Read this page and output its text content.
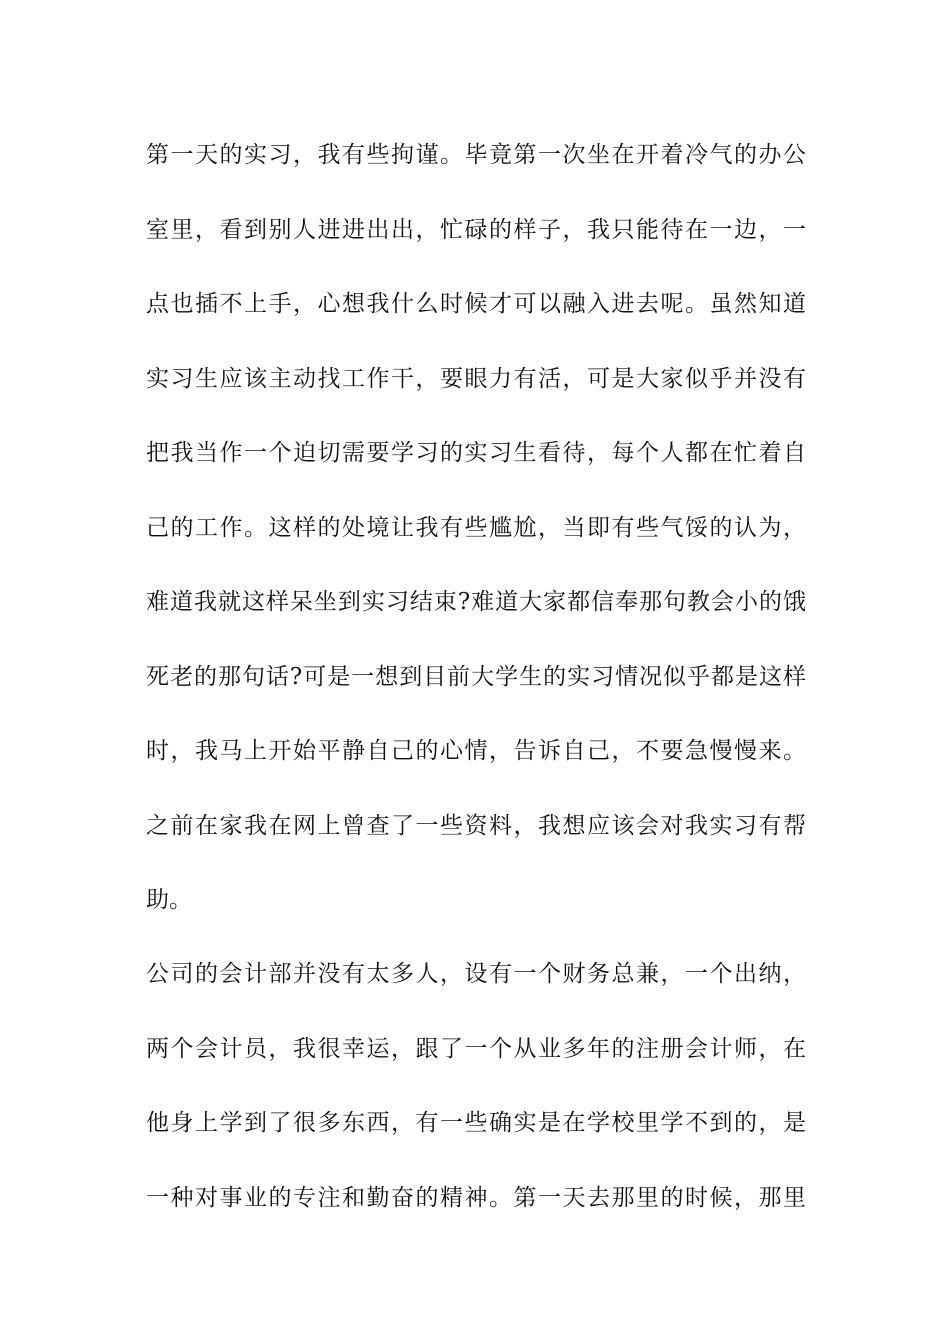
第一天的实习，我有些拘谨。毕竟第一次坐在开着冷气的办公
室里，看到别人进进出出，忙碌的样子，我只能待在一边，一
点也插不上手，心想我什么时候才可以融入进去呢。虽然知道
实习生应该主动找工作干，要眼力有活，可是大家似乎并没有
把我当作一个迫切需要学习的实习生看待，每个人都在忙着自
己的工作。这样的处境让我有些尴尬，当即有些气馁的认为，
难道我就这样呆坐到实习结束?难道大家都信奉那句教会小的饿
死老的那句话?可是一想到目前大学生的实习情况似乎都是这样
时，我马上开始平静自己的心情，告诉自己，不要急慢慢来。
之前在家我在网上曾查了一些资料，我想应该会对我实习有帮
助。
公司的会计部并没有太多人，设有一个财务总兼，一个出纳，
两个会计员，我很幸运，跟了一个从业多年的注册会计师，在
他身上学到了很多东西，有一些确实是在学校里学不到的，是
一种对事业的专注和勤奋的精神。第一天去那里的时候，那里
